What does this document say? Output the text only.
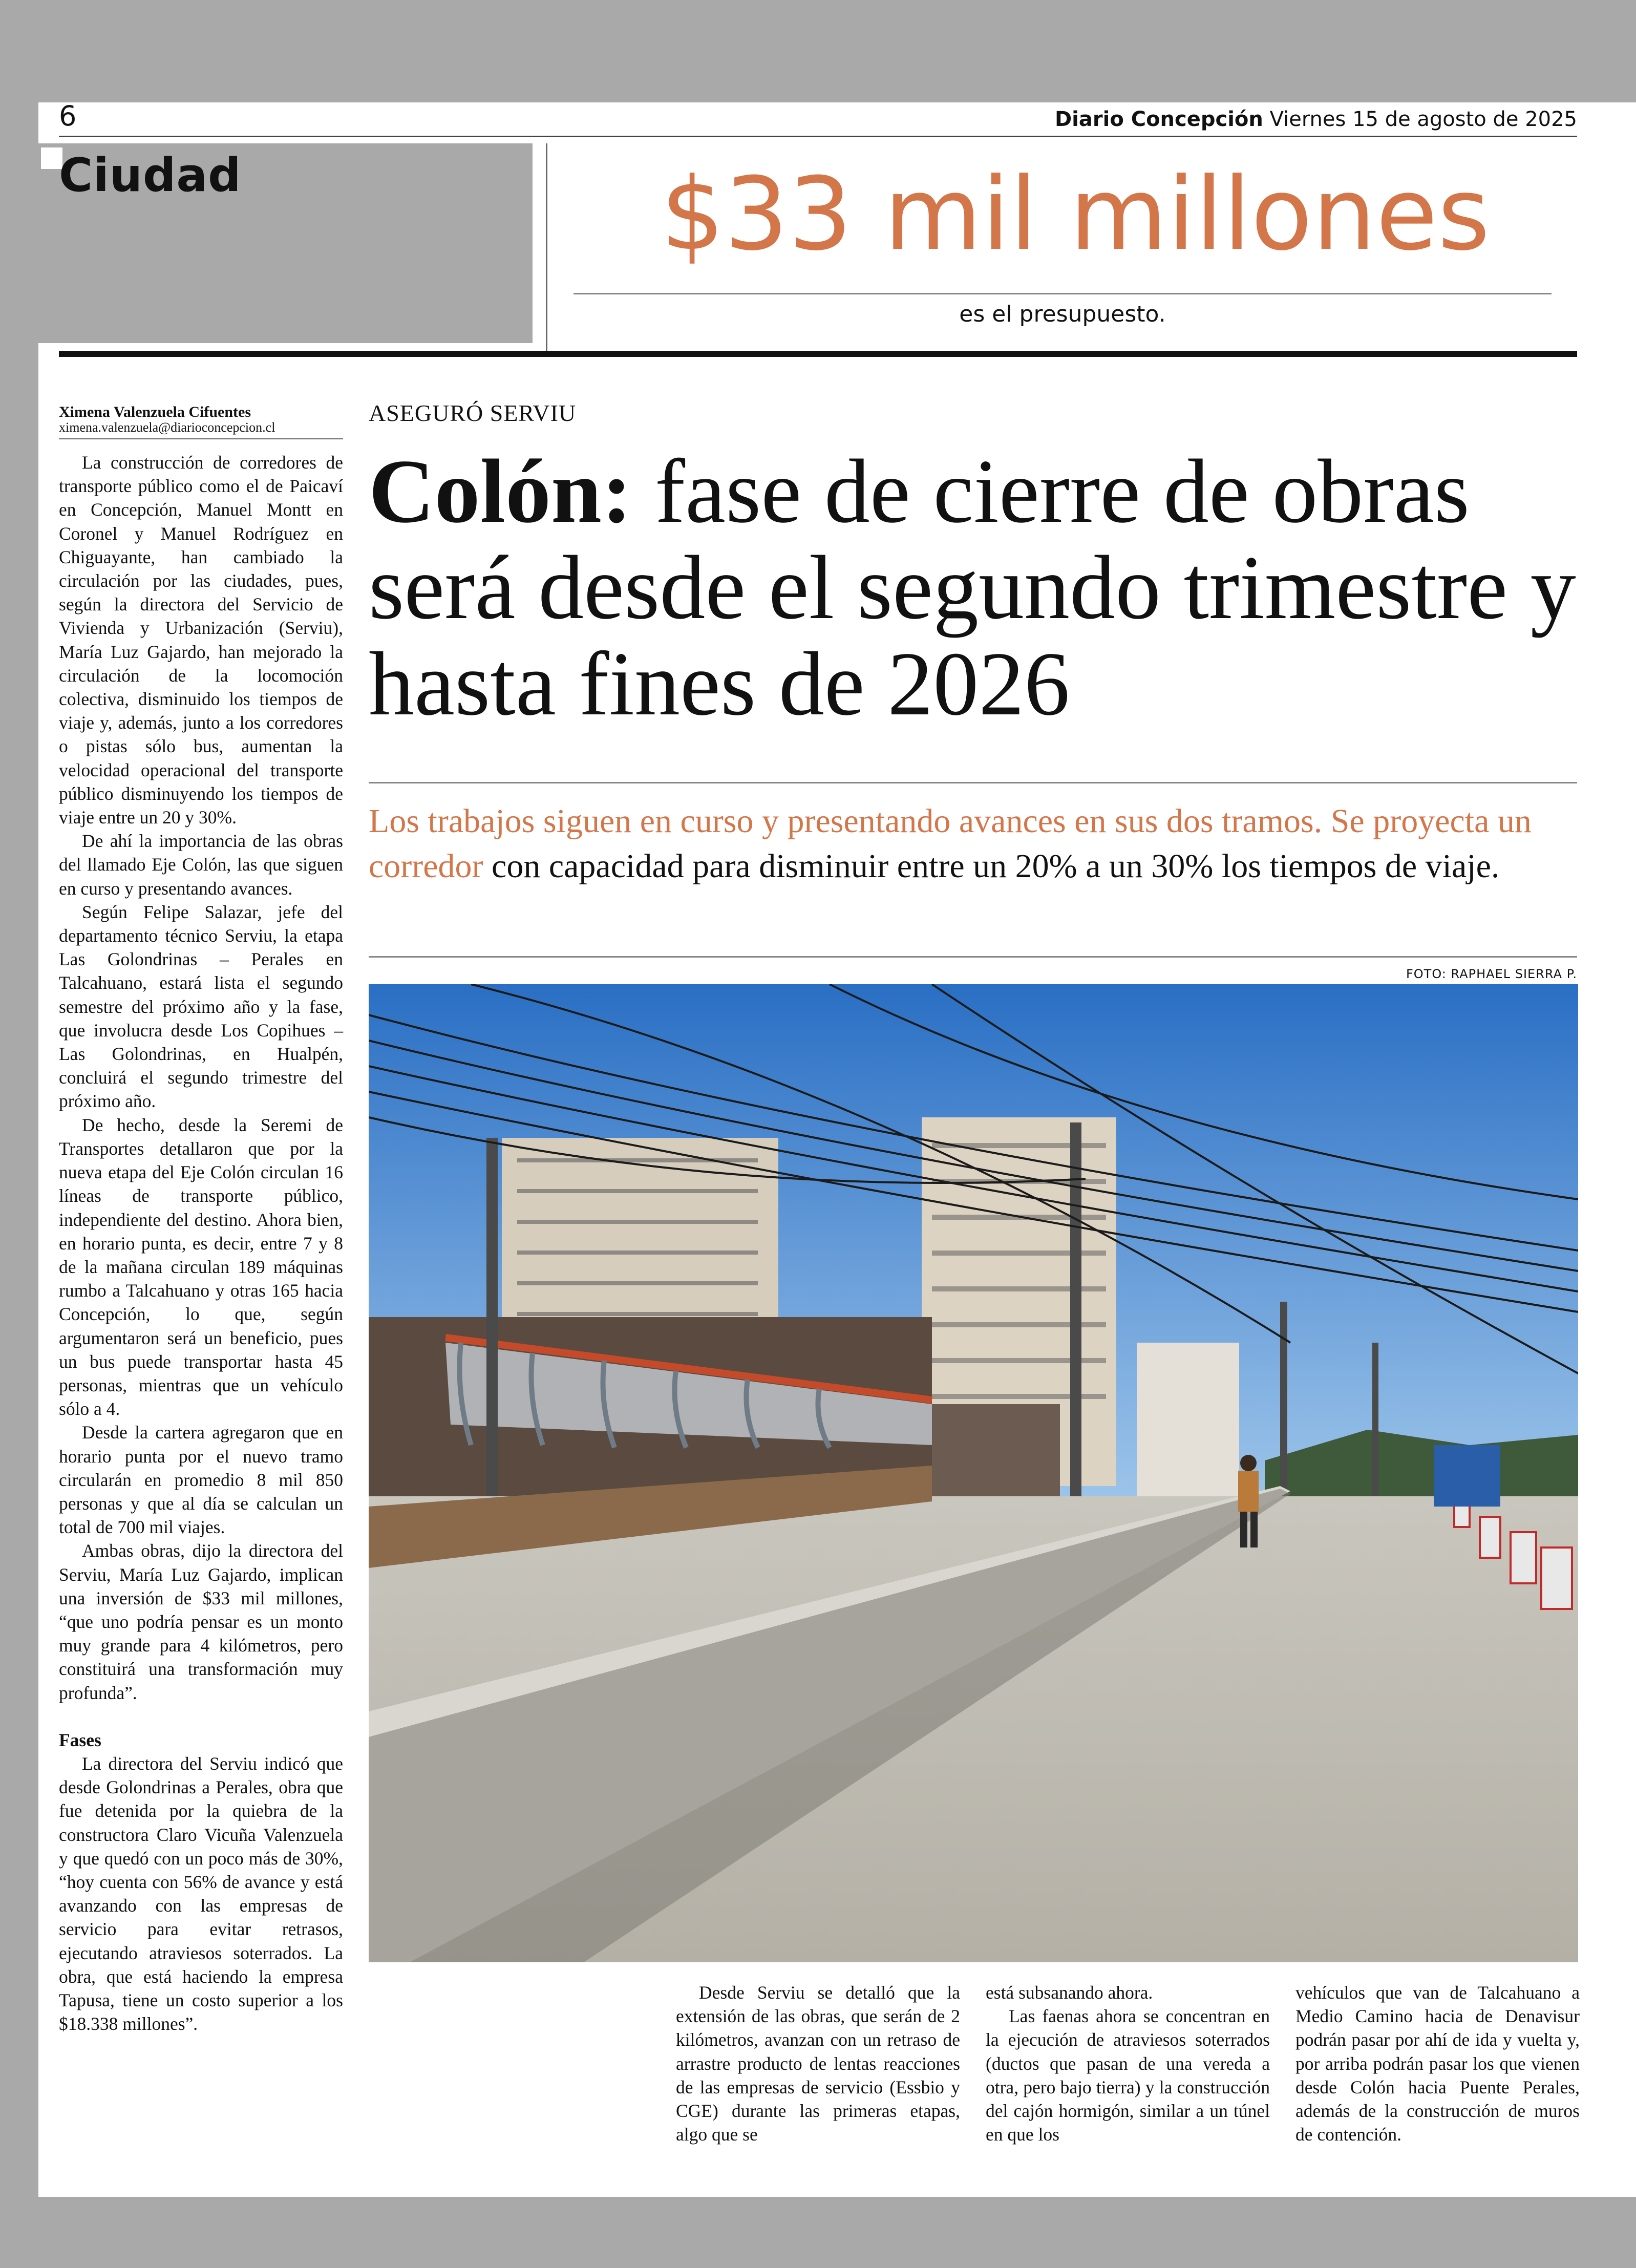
6	Diario Concepción Viernes 15 de agosto de 2025
Ciudad	$33 mil millones
es el presupuesto.
Ximena Valenzuela Cifuentes
ximena.valenzuela@diarioconcepcion.cl

La construcción de corredores de transporte público como el de Paicaví en Concepción, Manuel Montt en Coronel y Manuel Rodríguez en Chiguayante, han cambiado la circulación por las ciudades, pues, según la directora del Servicio de Vivienda y Urbanización (Serviu), María Luz Gajardo, han mejorado la circulación de la locomoción colectiva, disminuido los tiempos de viaje y, además, junto a los corredores o pistas sólo bus, aumentan la velocidad operacional del transporte público disminuyendo los tiempos de viaje entre un 20 y 30%.

De ahí la importancia de las obras del llamado Eje Colón, las que siguen en curso y presentando avances.

Según Felipe Salazar, jefe del departamento técnico Serviu, la etapa Las Golondrinas – Perales en Talcahuano, estará lista el segundo semestre del próximo año y la fase, que involucra desde Los Copihues – Las Golondrinas, en Hualpén, concluirá el segundo trimestre del próximo año.

De hecho, desde la Seremi de Transportes detallaron que por la nueva etapa del Eje Colón circulan 16 líneas de transporte público, independiente del destino. Ahora bien, en horario punta, es decir, entre 7 y 8 de la mañana circulan 189 máquinas rumbo a Talcahuano y otras 165 hacia Concepción, lo que, según argumentaron será un beneficio, pues un bus puede transportar hasta 45 personas, mientras que un vehículo sólo a 4.

Desde la cartera agregaron que en horario punta por el nuevo tramo circularán en promedio 8 mil 850 personas y que al día se calculan un total de 700 mil viajes.

Ambas obras, dijo la directora del Serviu, María Luz Gajardo, implican una inversión de $33 mil millones, “que uno podría pensar es un monto muy grande para 4 kilómetros, pero constituirá una transformación muy profunda”.

Fases

La directora del Serviu indicó que desde Golondrinas a Perales, obra que fue detenida por la quiebra de la constructora Claro Vicuña Valenzuela y que quedó con un poco más de 30%, “hoy cuenta con 56% de avance y está avanzando con las empresas de servicio para evitar retrasos, ejecutando atraviesos soterrados. La obra, que está haciendo la empresa Tapusa, tiene un costo superior a los $18.338 millones”.

ASEGURÓ SERVIU
Colón: fase de cierre de obras será desde el segundo trimestre y hasta fines de 2026
Los trabajos siguen en curso y presentando avances en sus dos tramos. Se proyecta un corredor con capacidad para disminuir entre un 20% a un 30% los tiempos de viaje.
FOTO: RAPHAEL SIERRA P.

Desde Serviu se detalló que la extensión de las obras, que serán de 2 kilómetros, avanzan con un retraso de arrastre producto de lentas reacciones de las empresas de servicio (Essbio y CGE) durante las primeras etapas, algo que se

está subsanando ahora.

Las faenas ahora se concentran en la ejecución de atraviesos soterrados (ductos que pasan de una vereda a otra, pero bajo tierra) y la construcción del cajón hormigón, similar a un túnel en que los

vehículos que van de Talcahuano a Medio Camino hacia de Denavisur podrán pasar por ahí de ida y vuelta y, por arriba podrán pasar los que vienen desde Colón hacia Puente Perales, además de la construcción de muros de contención.
